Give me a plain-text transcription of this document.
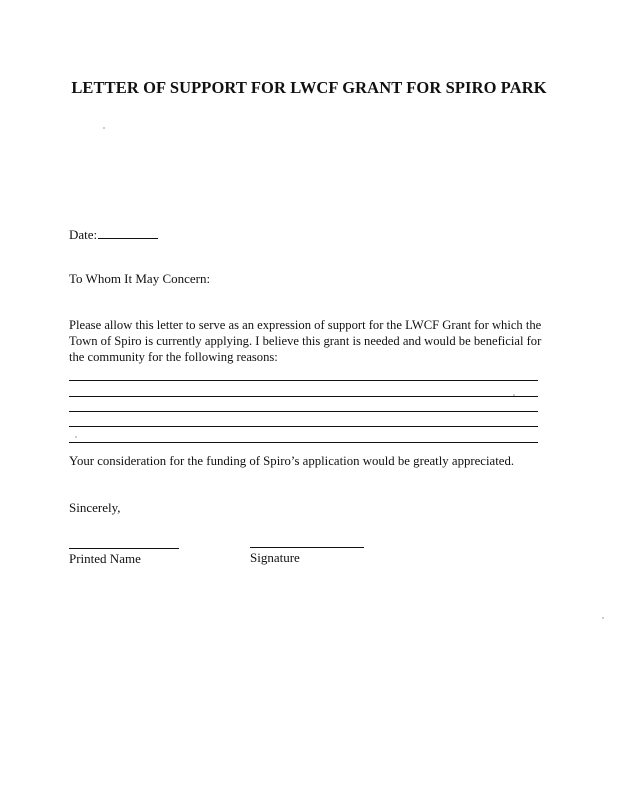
LETTER OF SUPPORT FOR LWCF GRANT FOR SPIRO PARK
Date:
To Whom It May Concern:
Please allow this letter to serve as an expression of support for the LWCF Grant for which the
Town of Spiro is currently applying. I believe this grant is needed and would be beneficial for
the community for the following reasons:
Your consideration for the funding of Spiro’s application would be greatly appreciated.
Sincerely,
Printed Name	Signature
